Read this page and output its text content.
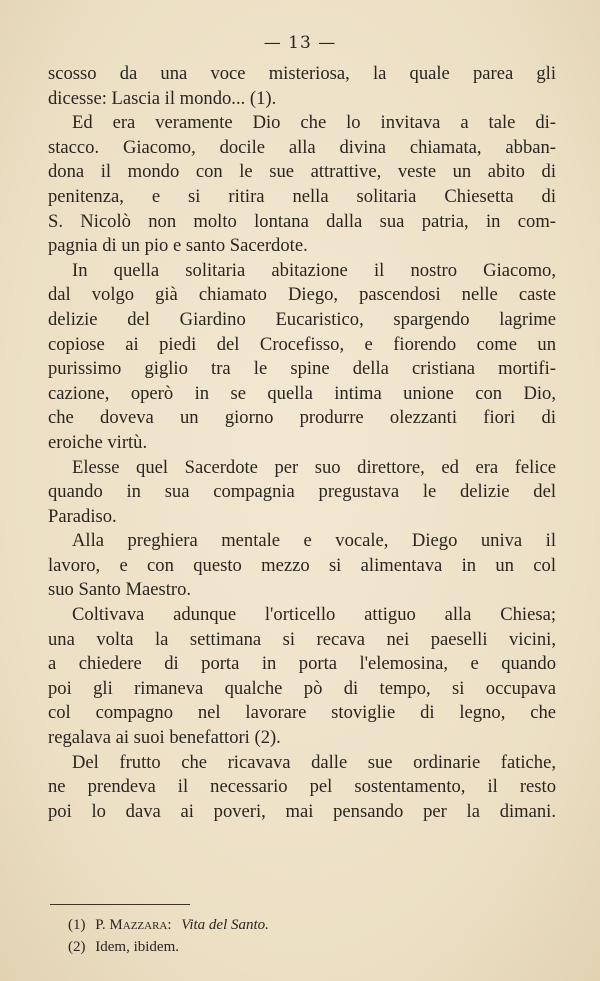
— 13 —
scosso da una voce misteriosa, la quale parea gli
dicesse: Lascia il mondo... (1).
Ed era veramente Dio che lo invitava a tale di-
stacco. Giacomo, docile alla divina chiamata, abban-
dona il mondo con le sue attrattive, veste un abito di
penitenza, e si ritira nella solitaria Chiesetta di
S. Nicolò non molto lontana dalla sua patria, in com-
pagnia di un pio e santo Sacerdote.
In quella solitaria abitazione il nostro Giacomo,
dal volgo già chiamato Diego, pascendosi nelle caste
delizie del Giardino Eucaristico, spargendo lagrime
copiose ai piedi del Crocefisso, e fiorendo come un
purissimo giglio tra le spine della cristiana mortifi-
cazione, operò in se quella intima unione con Dio,
che doveva un giorno produrre olezzanti fiori di
eroiche virtù.
Elesse quel Sacerdote per suo direttore, ed era felice
quando in sua compagnia pregustava le delizie del
Paradiso.
Alla preghiera mentale e vocale, Diego univa il
lavoro, e con questo mezzo si alimentava in un col
suo Santo Maestro.
Coltivava adunque l'orticello attiguo alla Chiesa;
una volta la settimana si recava nei paeselli vicini,
a chiedere di porta in porta l'elemosina, e quando
poi gli rimaneva qualche pò di tempo, si occupava
col compagno nel lavorare stoviglie di legno, che
regalava ai suoi benefattori (2).
Del frutto che ricavava dalle sue ordinarie fatiche,
ne prendeva il necessario pel sostentamento, il resto
poi lo dava ai poveri, mai pensando per la dimani.
(1) P. Mazzara: Vita del Santo.
(2) Idem, ibidem.
